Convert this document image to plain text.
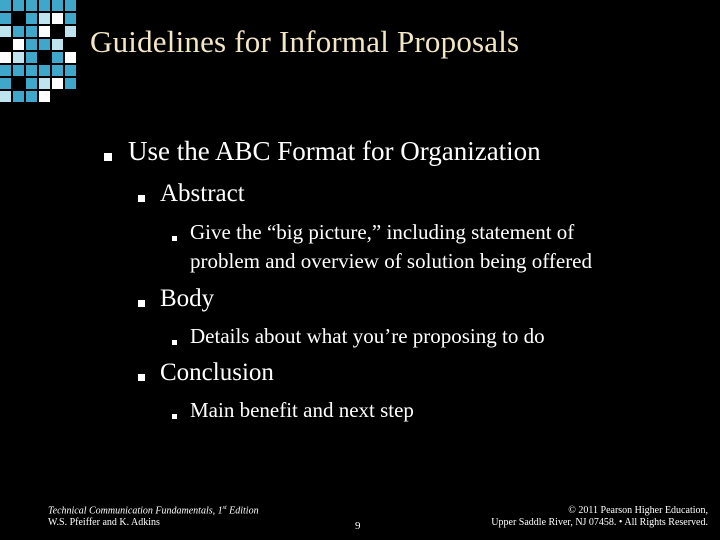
Guidelines for Informal Proposals
Use the ABC Format for Organization
Abstract
Give the “big picture,” including statement of
problem and overview of solution being offered
Body
Details about what you’re proposing to do
Conclusion
Main benefit and next step
Technical Communication Fundamentals, 1st Edition
W.S. Pfeiffer and K. Adkins	9
© 2011 Pearson Higher Education,
Upper Saddle River, NJ 07458. • All Rights Reserved.
